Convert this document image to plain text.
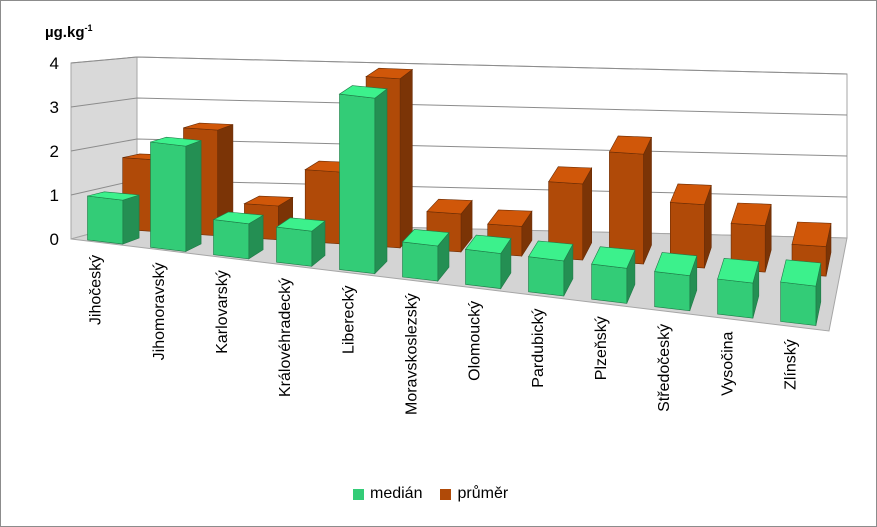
0
1
2
3
4
Jihočeský	Jihomoravský	Karlovarský	Královéhradecký	Liberecký	Moravskoslezský	Olomoucký	Pardubický	Plzeňský	Středočeský	Vysočina	Zlínský
$\mu g.kg^{-1}$
medián průměr
